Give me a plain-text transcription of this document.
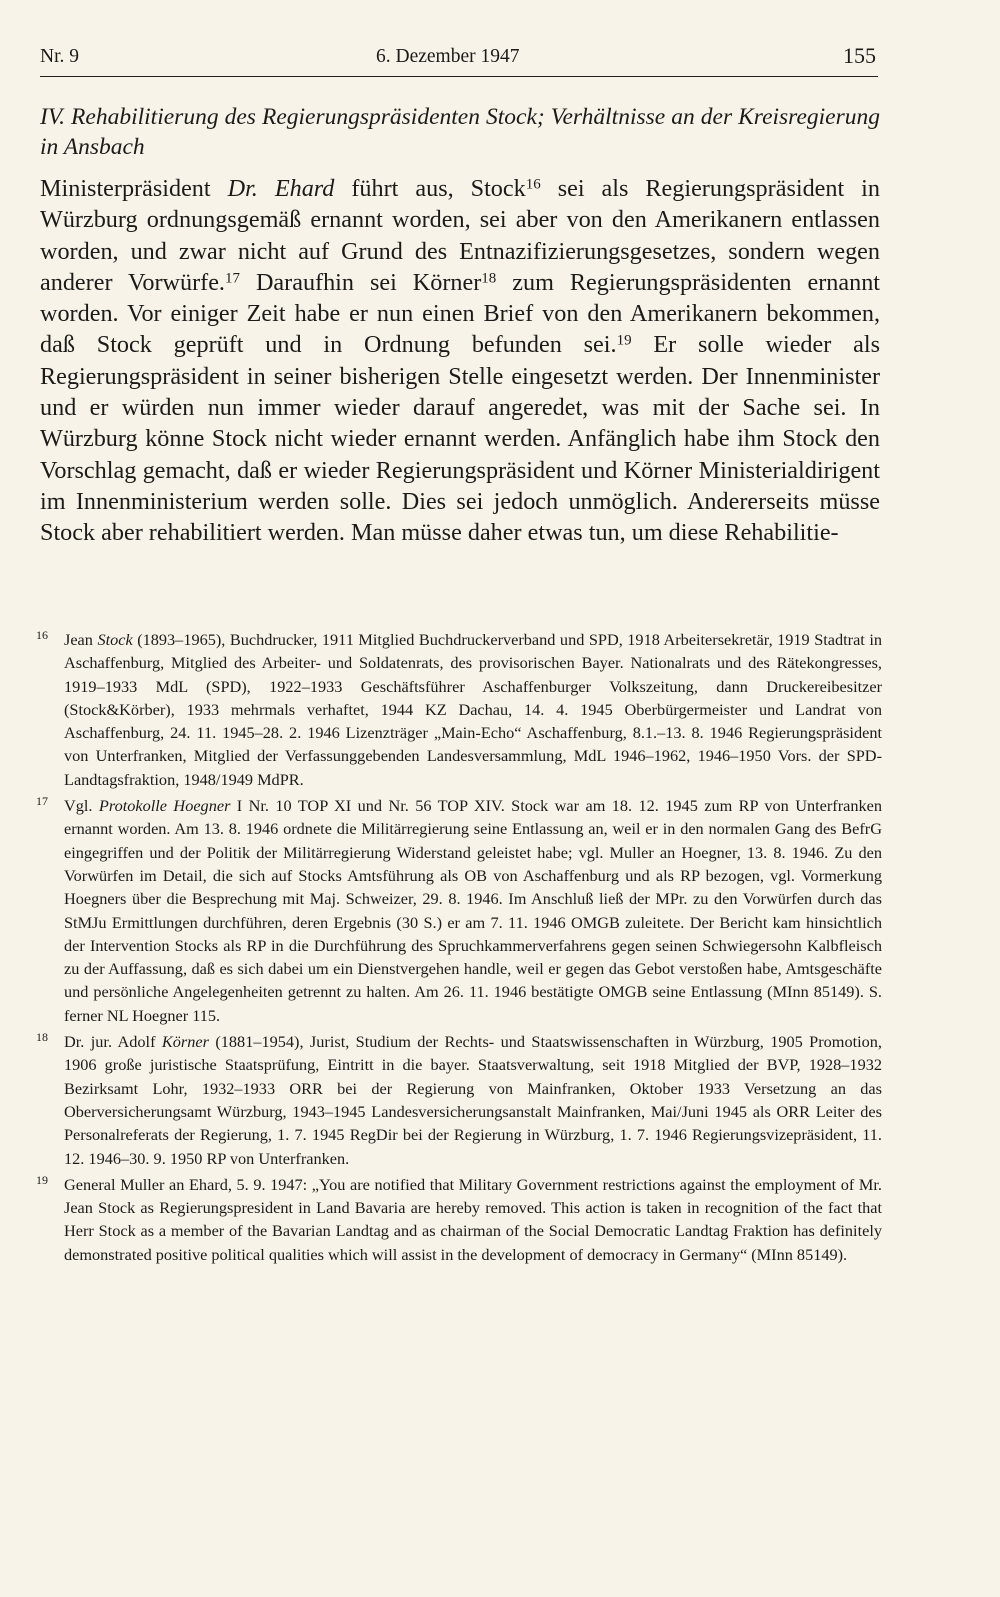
Nr. 9	6. Dezember 1947	155
IV. Rehabilitierung des Regierungspräsidenten Stock; Verhältnisse an der Kreisregierung in Ansbach

Ministerpräsident Dr. Ehard führt aus, Stock$^{16}$ sei als Regierungspräsident in Würzburg ordnungsgemäß ernannt worden, sei aber von den Amerikanern entlassen worden, und zwar nicht auf Grund des Entnazifizierungsgesetzes, sondern wegen anderer Vorwürfe.$^{17}$ Daraufhin sei Körner$^{18}$ zum Regierungspräsidenten ernannt worden. Vor einiger Zeit habe er nun einen Brief von den Amerikanern bekommen, daß Stock geprüft und in Ordnung befunden sei.$^{19}$ Er solle wieder als Regierungspräsident in seiner bisherigen Stelle eingesetzt werden. Der Innenminister und er würden nun immer wieder darauf angeredet, was mit der Sache sei. In Würzburg könne Stock nicht wieder ernannt werden. Anfänglich habe ihm Stock den Vorschlag gemacht, daß er wieder Regierungspräsident und Körner Ministerialdirigent im Innenministerium werden solle. Dies sei jedoch unmöglich. Andererseits müsse Stock aber rehabilitiert werden. Man müsse daher etwas tun, um diese Rehabilitie-

16 Jean Stock (1893–1965), Buchdrucker, 1911 Mitglied Buchdruckerverband und SPD, 1918 Arbeitersekretär, 1919 Stadtrat in Aschaffenburg, Mitglied des Arbeiter- und Soldatenrats, des provisorischen Bayer. Nationalrats und des Rätekongresses, 1919–1933 MdL (SPD), 1922–1933 Geschäftsführer Aschaffenburger Volkszeitung, dann Druckereibesitzer (Stock&Körber), 1933 mehrmals verhaftet, 1944 KZ Dachau, 14. 4. 1945 Oberbürgermeister und Landrat von Aschaffenburg, 24. 11. 1945–28. 2. 1946 Lizenzträger „Main-Echo“ Aschaffenburg, 8.1.–13. 8. 1946 Regierungspräsident von Unterfranken, Mitglied der Verfassunggebenden Landesversammlung, MdL 1946–1962, 1946–1950 Vors. der SPD-Landtagsfraktion, 1948/1949 MdPR.

17 Vgl. Protokolle Hoegner I Nr. 10 TOP XI und Nr. 56 TOP XIV. Stock war am 18. 12. 1945 zum RP von Unterfranken ernannt worden. Am 13. 8. 1946 ordnete die Militärregierung seine Entlassung an, weil er in den normalen Gang des BefrG eingegriffen und der Politik der Militärregierung Widerstand geleistet habe; vgl. Muller an Hoegner, 13. 8. 1946. Zu den Vorwürfen im Detail, die sich auf Stocks Amtsführung als OB von Aschaffenburg und als RP bezogen, vgl. Vormerkung Hoegners über die Besprechung mit Maj. Schweizer, 29. 8. 1946. Im Anschluß ließ der MPr. zu den Vorwürfen durch das StMJu Ermittlungen durchführen, deren Ergebnis (30 S.) er am 7. 11. 1946 OMGB zuleitete. Der Bericht kam hinsichtlich der Intervention Stocks als RP in die Durchführung des Spruchkammerverfahrens gegen seinen Schwiegersohn Kalbfleisch zu der Auffassung, daß es sich dabei um ein Dienstvergehen handle, weil er gegen das Gebot verstoßen habe, Amtsgeschäfte und persönliche Angelegenheiten getrennt zu halten. Am 26. 11. 1946 bestätigte OMGB seine Entlassung (MInn 85149). S. ferner NL Hoegner 115.

18 Dr. jur. Adolf Körner (1881–1954), Jurist, Studium der Rechts- und Staatswissenschaften in Würzburg, 1905 Promotion, 1906 große juristische Staatsprüfung, Eintritt in die bayer. Staatsverwaltung, seit 1918 Mitglied der BVP, 1928–1932 Bezirksamt Lohr, 1932–1933 ORR bei der Regierung von Mainfranken, Oktober 1933 Versetzung an das Oberversicherungsamt Würzburg, 1943–1945 Landesversicherungsanstalt Mainfranken, Mai/Juni 1945 als ORR Leiter des Personalreferats der Regierung, 1. 7. 1945 RegDir bei der Regierung in Würzburg, 1. 7. 1946 Regierungsvizepräsident, 11. 12. 1946–30. 9. 1950 RP von Unterfranken.

19 General Muller an Ehard, 5. 9. 1947: „You are notified that Military Government restrictions against the employment of Mr. Jean Stock as Regierungspresident in Land Bavaria are hereby removed. This action is taken in recognition of the fact that Herr Stock as a member of the Bavarian Landtag and as chairman of the Social Democratic Landtag Fraktion has definitely demonstrated positive political qualities which will assist in the development of democracy in Germany“ (MInn 85149).
